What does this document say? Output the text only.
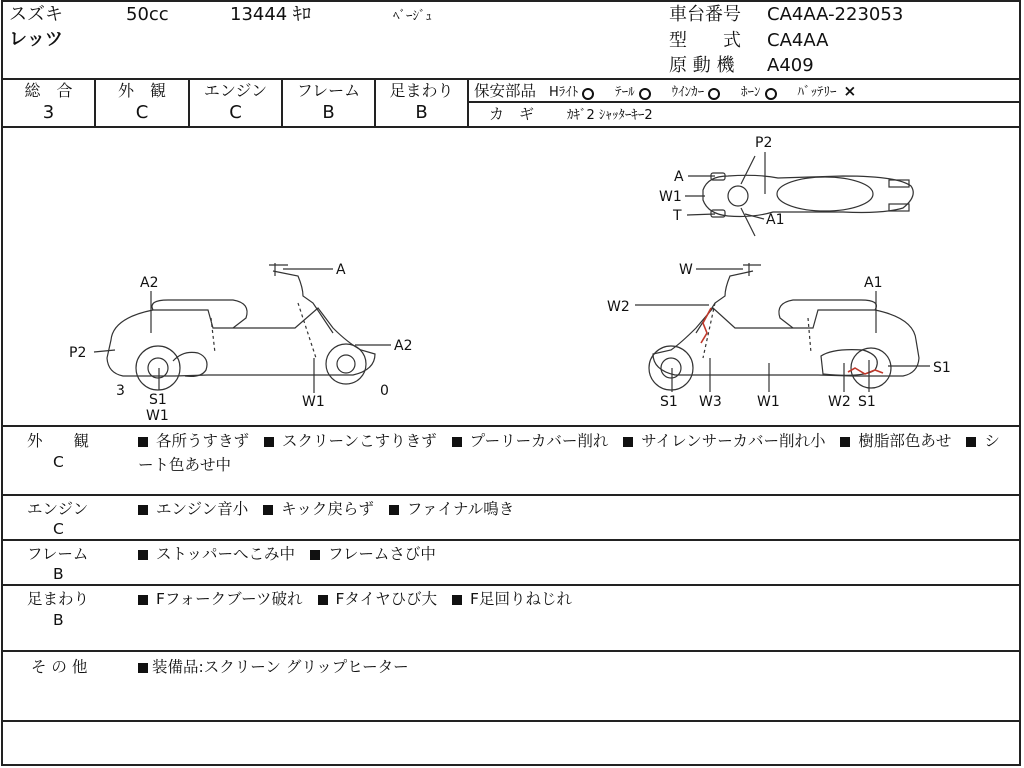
スズキ	50cc	13444 ｷﾛ	ﾍﾞｰｼﾞｭ
レッツ
車台番号 CA4AA-223053
型　　式 CA4AA
原 動 機 A409
総　合
3
外　観
C
エンジン
C
フレーム
B
足まわり
B
保安部品 Hﾗｲﾄ	ﾃｰﾙ	ｳｲﾝｶｰ	ﾎｰﾝ	ﾊﾞｯﾃﾘｰ ×
カ　ギ	ｶｷﾞ2 ｼｬｯﾀｰｷｰ2
A2
A
P2	A2
3
S1
W1
W1
0
P2
A
W1
T	A1
W
W2
A1
S1
S1 W3	W1	W2 S1
外　　観
C
各所うすきず スクリーンこすりきず プーリーカバー削れ サイレンサーカバー削れ小 樹脂部色あせ シート色あせ中
エンジン
C
エンジン音小 キック戻らず ファイナル鳴き
フレーム
B
ストッパーへこみ中 フレームさび中
足まわり
B
Fフォークブーツ破れ Fタイヤひび大 F足回りねじれ
そ の 他	装備品:スクリーン グリップヒーター
